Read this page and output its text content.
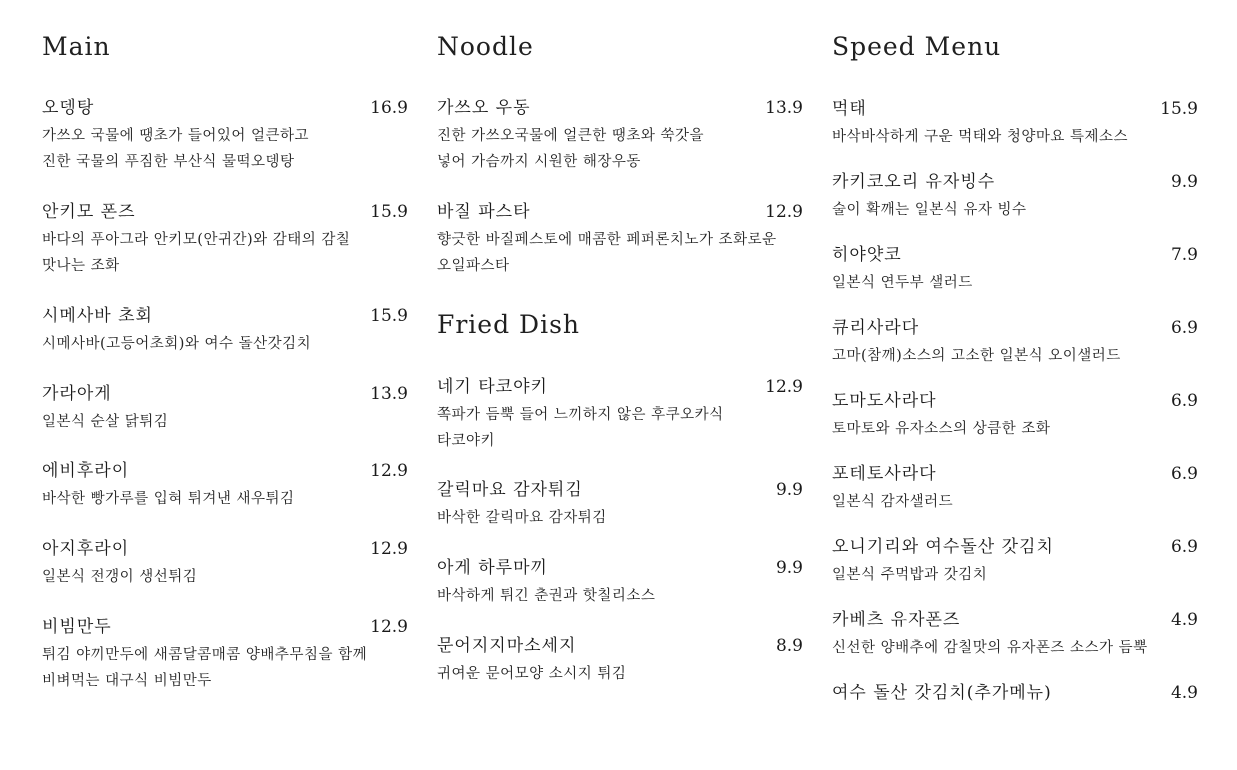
Main
오뎅탕	16.9
가쓰오 국물에 땡초가 들어있어 얼큰하고
진한 국물의 푸짐한 부산식 물떡오뎅탕
안키모 폰즈	15.9
바다의 푸아그라 안키모(안귀간)와 감태의 감칠
맛나는 조화
시메사바 초회	15.9
시메사바(고등어초회)와 여수 돌산갓김치
가라아게	13.9
일본식 순살 닭튀김
에비후라이	12.9
바삭한 빵가루를 입혀 튀겨낸 새우튀김
아지후라이	12.9
일본식 전갱이 생선튀김
비빔만두	12.9
튀김 야끼만두에 새콤달콤매콤 양배추무침을 함께
비벼먹는 대구식 비빔만두
Noodle
가쓰오 우동	13.9
진한 가쓰오국물에 얼큰한 땡초와 쑥갓을
넣어 가슴까지 시원한 해장우동
바질 파스타	12.9
향긋한 바질페스토에 매콤한 페퍼론치노가 조화로운
오일파스타
Fried Dish
네기 타코야키	12.9
쪽파가 듬뿍 들어 느끼하지 않은 후쿠오카식
타코야키
갈릭마요 감자튀김	9.9
바삭한 갈릭마요 감자튀김
아게 하루마끼	9.9
바삭하게 튀긴 춘권과 핫칠리소스
문어지지마소세지	8.9
귀여운 문어모양 소시지 튀김
Speed Menu
먹태	15.9
바삭바삭하게 구운 먹태와 청양마요 특제소스
카키코오리 유자빙수	9.9
술이 확깨는 일본식 유자 빙수
히야얏코	7.9
일본식 연두부 샐러드
큐리사라다	6.9
고마(참깨)소스의 고소한 일본식 오이샐러드
도마도사라다	6.9
토마토와 유자소스의 상큼한 조화
포테토사라다	6.9
일본식 감자샐러드
오니기리와 여수돌산 갓김치	6.9
일본식 주먹밥과 갓김치
카베츠 유자폰즈	4.9
신선한 양배추에 감칠맛의 유자폰즈 소스가 듬뿍
여수 돌산 갓김치(추가메뉴)	4.9
